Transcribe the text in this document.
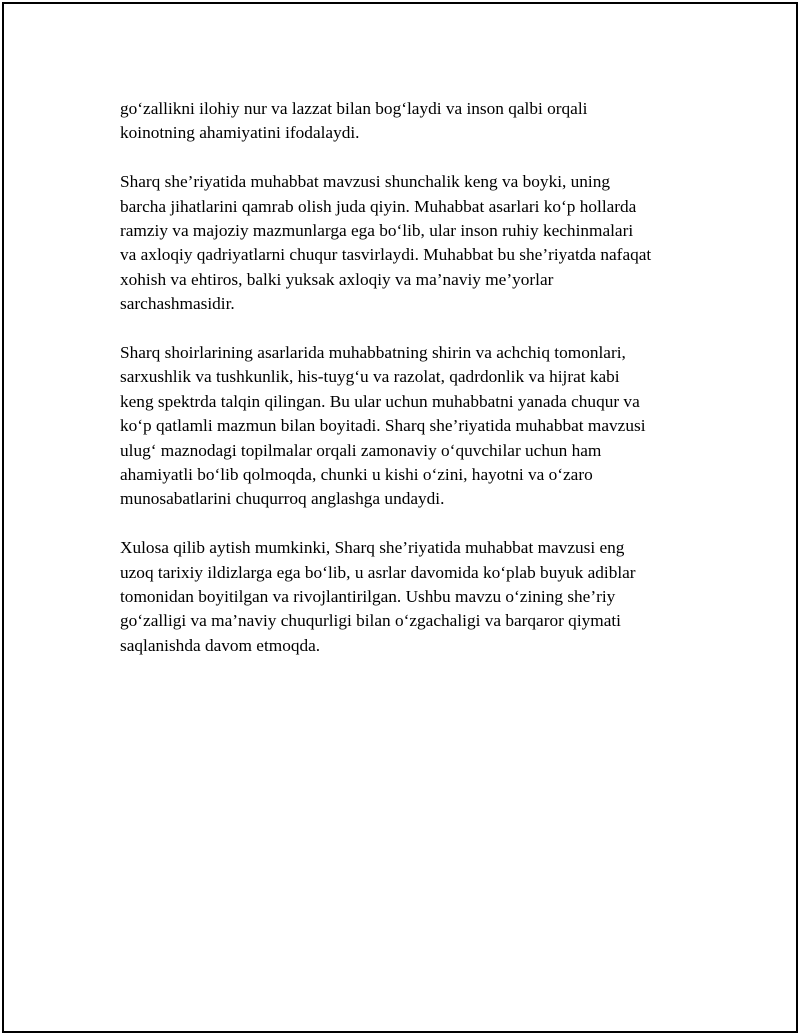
go‘zallikni ilohiy nur va lazzat bilan bog‘laydi va inson qalbi orqali
koinotning ahamiyatini ifodalaydi.

Sharq she’riyatida muhabbat mavzusi shunchalik keng va boyki, uning
barcha jihatlarini qamrab olish juda qiyin. Muhabbat asarlari ko‘p hollarda
ramziy va majoziy mazmunlarga ega bo‘lib, ular inson ruhiy kechinmalari
va axloqiy qadriyatlarni chuqur tasvirlaydi. Muhabbat bu she’riyatda nafaqat
xohish va ehtiros, balki yuksak axloqiy va ma’naviy me’yorlar
sarchashmasidir.

Sharq shoirlarining asarlarida muhabbatning shirin va achchiq tomonlari,
sarxushlik va tushkunlik, his-tuyg‘u va razolat, qadrdonlik va hijrat kabi
keng spektrda talqin qilingan. Bu ular uchun muhabbatni yanada chuqur va
ko‘p qatlamli mazmun bilan boyitadi. Sharq she’riyatida muhabbat mavzusi
ulug‘ maznodagi topilmalar orqali zamonaviy o‘quvchilar uchun ham
ahamiyatli bo‘lib qolmoqda, chunki u kishi o‘zini, hayotni va o‘zaro
munosabatlarini chuqurroq anglashga undaydi.

Xulosa qilib aytish mumkinki, Sharq she’riyatida muhabbat mavzusi eng
uzoq tarixiy ildizlarga ega bo‘lib, u asrlar davomida ko‘plab buyuk adiblar
tomonidan boyitilgan va rivojlantirilgan. Ushbu mavzu o‘zining she’riy
go‘zalligi va ma’naviy chuqurligi bilan o‘zgachaligi va barqaror qiymati
saqlanishda davom etmoqda.
